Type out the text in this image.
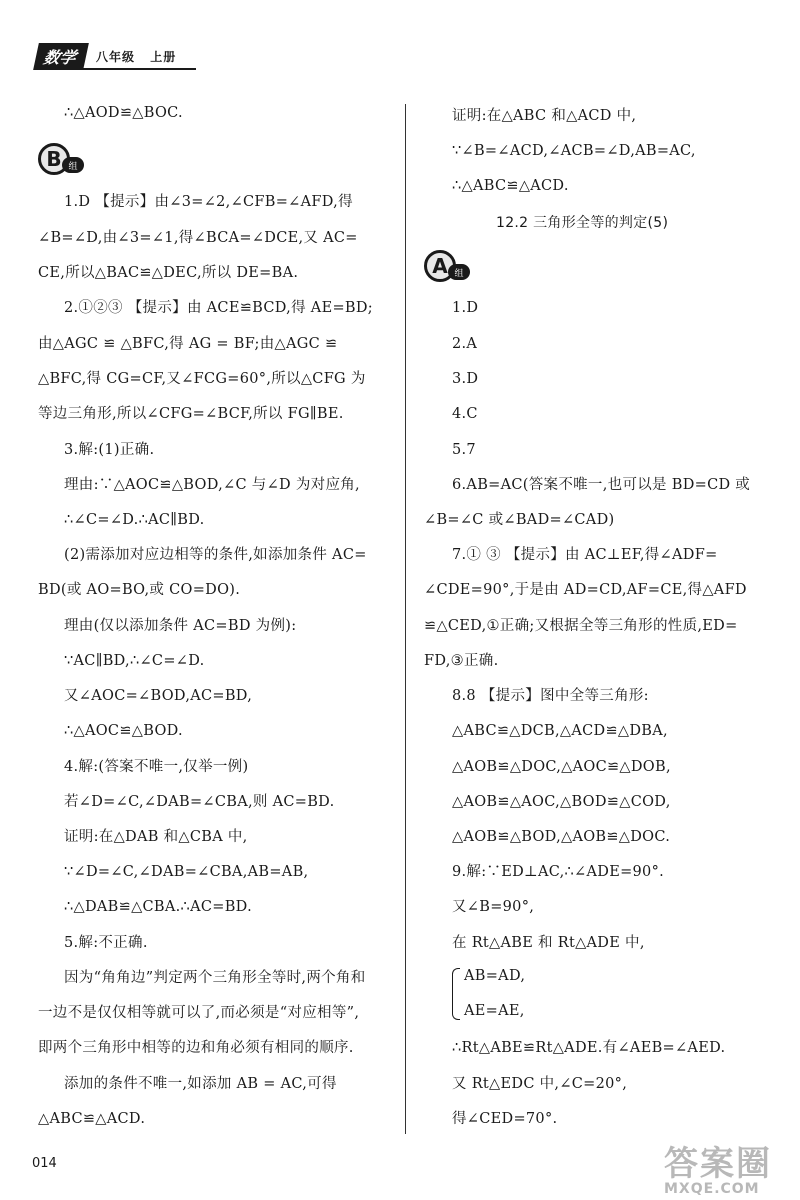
数学	八年级 上册
∴△AOD≌△BOC.
B 组
1.D 【提示】由∠3=∠2,∠CFB=∠AFD,得
∠B=∠D,由∠3=∠1,得∠BCA=∠DCE,又 AC=
CE,所以△BAC≌△DEC,所以 DE=BA.
2.①②③ 【提示】由 ACE≌BCD,得 AE=BD;
由△AGC ≌ △BFC,得 AG = BF;由△AGC ≌
△BFC,得 CG=CF,又∠FCG=60°,所以△CFG 为
等边三角形,所以∠CFG=∠BCF,所以 FG∥BE.
3.解:(1)正确.
理由:∵△AOC≌△BOD,∠C 与∠D 为对应角,
∴∠C=∠D.∴AC∥BD.
(2)需添加对应边相等的条件,如添加条件 AC=
BD(或 AO=BO,或 CO=DO).
理由(仅以添加条件 AC=BD 为例):
∵AC∥BD,∴∠C=∠D.
又∠AOC=∠BOD,AC=BD,
∴△AOC≌△BOD.
4.解:(答案不唯一,仅举一例)
若∠D=∠C,∠DAB=∠CBA,则 AC=BD.
证明:在△DAB 和△CBA 中,
∵∠D=∠C,∠DAB=∠CBA,AB=AB,
∴△DAB≌△CBA.∴AC=BD.
5.解:不正确.
因为“角角边”判定两个三角形全等时,两个角和
一边不是仅仅相等就可以了,而必须是“对应相等”,
即两个三角形中相等的边和角必须有相同的顺序.
添加的条件不唯一,如添加 AB = AC,可得
△ABC≌△ACD.
证明:在△ABC 和△ACD 中,
∵∠B=∠ACD,∠ACB=∠D,AB=AC,
∴△ABC≌△ACD.
12.2 三角形全等的判定(5)
A 组
1.D
2.A
3.D
4.C
5.7
6.AB=AC(答案不唯一,也可以是 BD=CD 或
∠B=∠C 或∠BAD=∠CAD)
7.① ③ 【提示】由 AC⊥EF,得∠ADF=
∠CDE=90°,于是由 AD=CD,AF=CE,得△AFD
≌△CED,①正确;又根据全等三角形的性质,ED=
FD,③正确.
8.8 【提示】图中全等三角形:
△ABC≌△DCB,△ACD≌△DBA,
△AOB≌△DOC,△AOC≌△DOB,
△AOB≌△AOC,△BOD≌△COD,
△AOB≌△BOD,△AOB≌△DOC.
9.解:∵ED⊥AC,∴∠ADE=90°.
又∠B=90°,
在 Rt△ABE 和 Rt△ADE 中,
AB=AD,
AE=AE,
∴Rt△ABE≌Rt△ADE.有∠AEB=∠AED.
又 Rt△EDC 中,∠C=20°,
得∠CED=70°.
014	答案圈
MXQE.COM
